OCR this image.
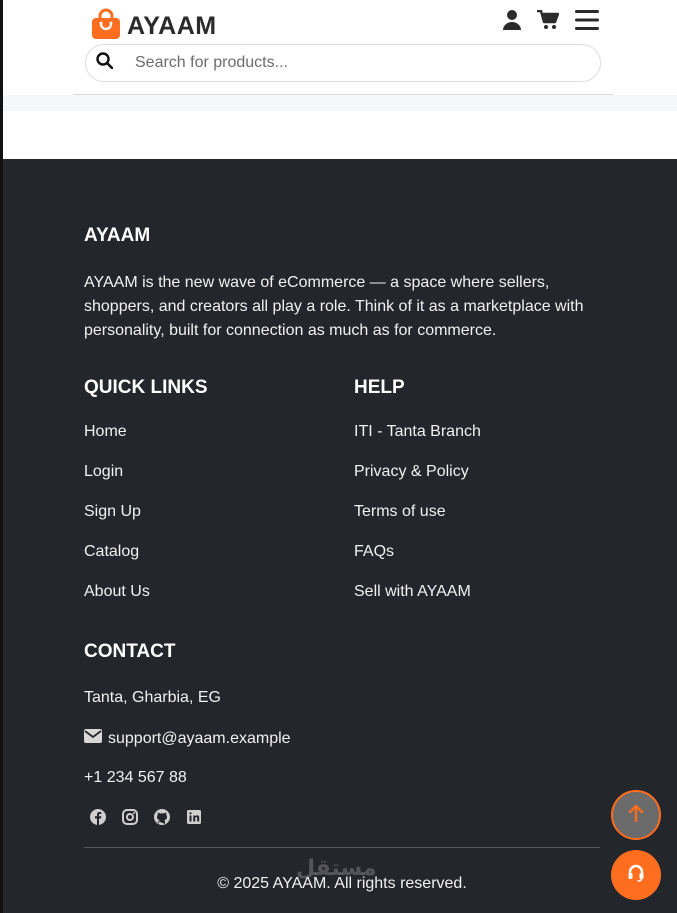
AYAAM
Search for products...
AYAAM

AYAAM is the new wave of eCommerce — a space where sellers, shoppers, and creators all play a role. Think of it as a marketplace with personality, built for connection as much as for commerce.

QUICK LINKS
Home
Login
Sign Up
Catalog
About Us
HELP
ITI - Tanta Branch
Privacy & Policy
Terms of use
FAQs
Sell with AYAAM
CONTACT
Tanta, Gharbia, EG
support@ayaam.example
+1 234 567 88
© 2025 AYAAM. All rights reserved.
مستقل
